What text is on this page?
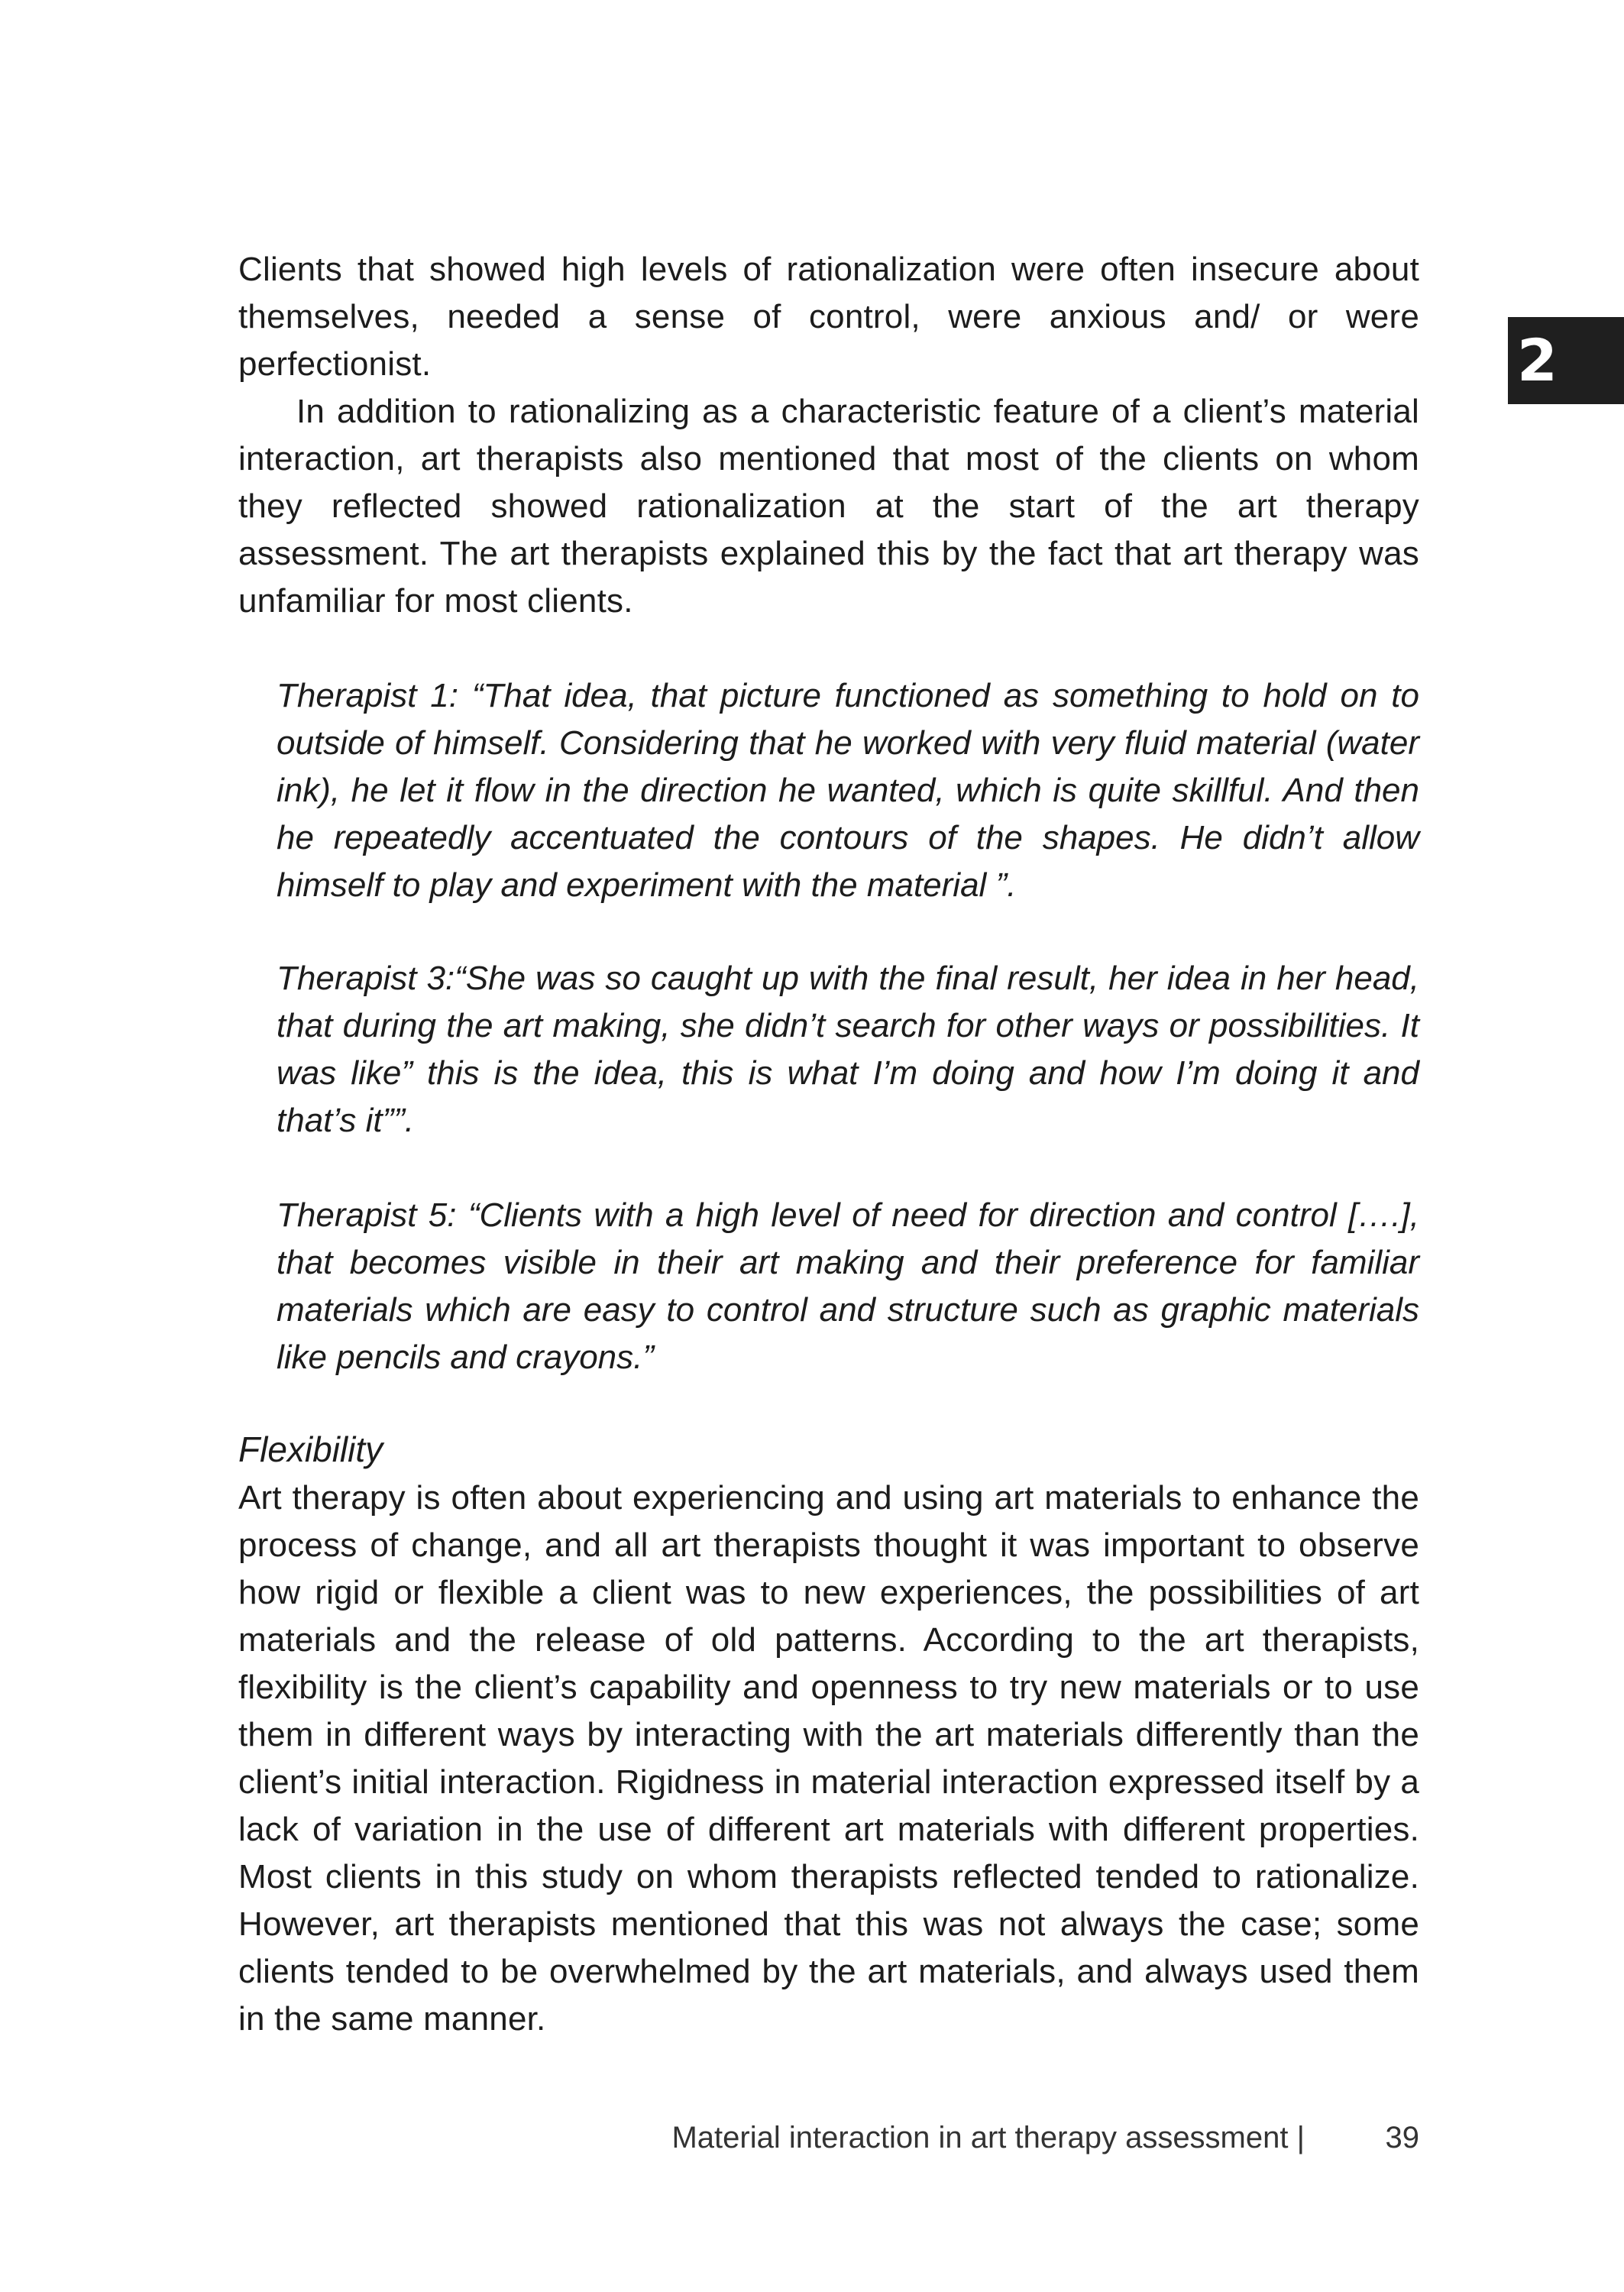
2

Clients that showed high levels of rationalization were often insecure about themselves, needed a sense of control, were anxious and/ or were perfectionist.

In addition to rationalizing as a characteristic feature of a client’s material interaction, art therapists also mentioned that most of the clients on whom they reflected showed rationalization at the start of the art therapy assessment. The art therapists explained this by the fact that art therapy was unfamiliar for most clients.

Therapist 1: “That idea, that picture functioned as something to hold on to outside of himself. Considering that he worked with very fluid material (water ink), he let it flow in the direction he wanted, which is quite skillful. And then he repeatedly accentuated the contours of the shapes. He didn’t allow himself to play and experiment with the material ”.

Therapist 3:“She was so caught up with the final result, her idea in her head, that during the art making, she didn’t search for other ways or possibilities. It was like” this is the idea, this is what I’m doing and how I’m doing it and that’s it””.

Therapist 5: “Clients with a high level of need for direction and control [….], that becomes visible in their art making and their preference for familiar materials which are easy to control and structure such as graphic materials like pencils and crayons.”

Flexibility

Art therapy is often about experiencing and using art materials to enhance the process of change, and all art therapists thought it was important to observe how rigid or flexible a client was to new experiences, the possibilities of art materials and the release of old patterns. According to the art therapists, flexibility is the client’s capability and openness to try new materials or to use them in different ways by interacting with the art materials differently than the client’s initial interaction. Rigidness in material interaction expressed itself by a lack of variation in the use of different art materials with different properties. Most clients in this study on whom therapists reflected tended to rationalize. However, art therapists mentioned that this was not always the case; some clients tended to be overwhelmed by the art materials, and always used them in the same manner.

Material interaction in art therapy assessment |	39
